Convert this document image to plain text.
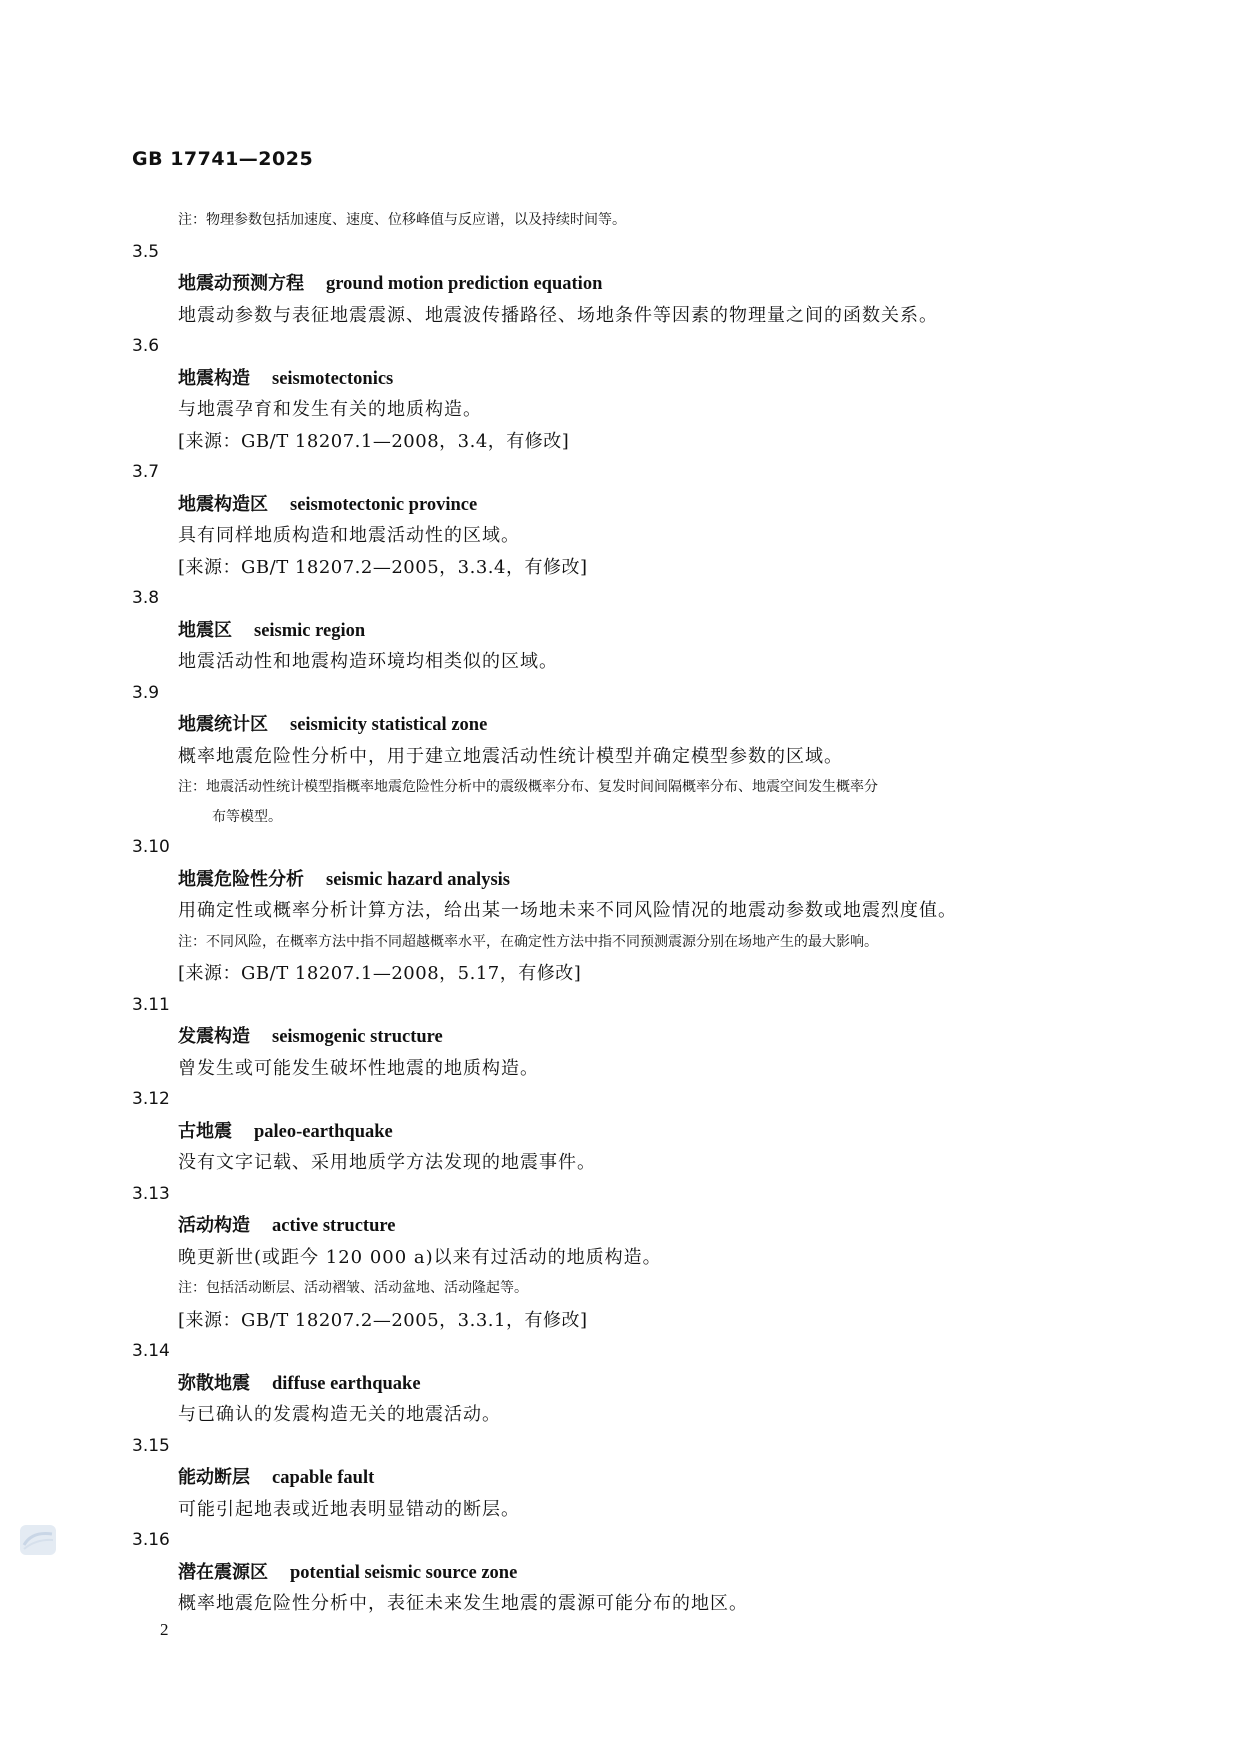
GB 17741—2025
注：物理参数包括加速度、速度、位移峰值与反应谱，以及持续时间等。
3.5
地震动预测方程 ground motion prediction equation
地震动参数与表征地震震源、地震波传播路径、场地条件等因素的物理量之间的函数关系。
3.6
地震构造 seismotectonics
与地震孕育和发生有关的地质构造。
[来源：GB/T 18207.1—2008，3.4，有修改]
3.7
地震构造区 seismotectonic province
具有同样地质构造和地震活动性的区域。
[来源：GB/T 18207.2—2005，3.3.4，有修改]
3.8
地震区 seismic region
地震活动性和地震构造环境均相类似的区域。
3.9
地震统计区 seismicity statistical zone
概率地震危险性分析中，用于建立地震活动性统计模型并确定模型参数的区域。
注：地震活动性统计模型指概率地震危险性分析中的震级概率分布、复发时间间隔概率分布、地震空间发生概率分
布等模型。
3.10
地震危险性分析 seismic hazard analysis
用确定性或概率分析计算方法，给出某一场地未来不同风险情况的地震动参数或地震烈度值。
注：不同风险，在概率方法中指不同超越概率水平，在确定性方法中指不同预测震源分别在场地产生的最大影响。
[来源：GB/T 18207.1—2008，5.17，有修改]
3.11
发震构造 seismogenic structure
曾发生或可能发生破坏性地震的地质构造。
3.12
古地震 paleo-earthquake
没有文字记载、采用地质学方法发现的地震事件。
3.13
活动构造 active structure
晚更新世(或距今 120 000 a)以来有过活动的地质构造。
注：包括活动断层、活动褶皱、活动盆地、活动隆起等。
[来源：GB/T 18207.2—2005，3.3.1，有修改]
3.14
弥散地震 diffuse earthquake
与已确认的发震构造无关的地震活动。
3.15
能动断层 capable fault
可能引起地表或近地表明显错动的断层。
3.16
潜在震源区 potential seismic source zone
概率地震危险性分析中，表征未来发生地震的震源可能分布的地区。
2
